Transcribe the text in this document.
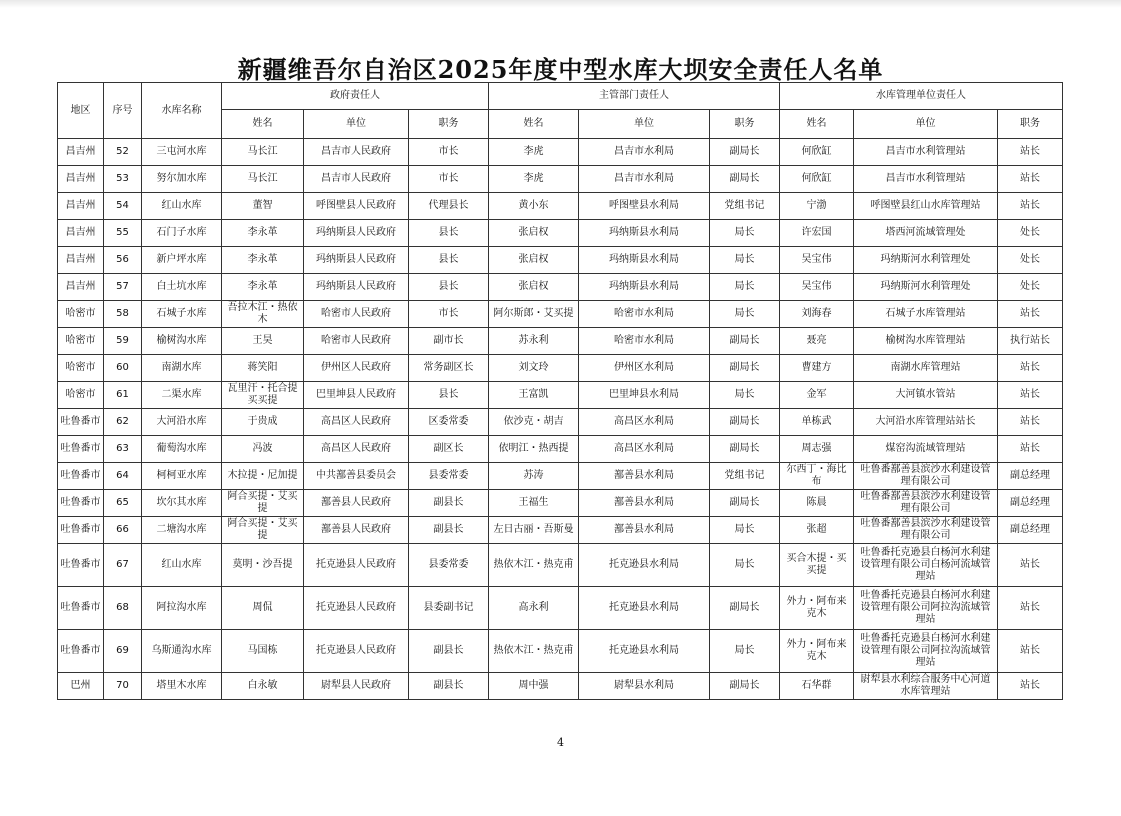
新疆维吾尔自治区2025年度中型水库大坝安全责任人名单
地区	序号	水库名称	政府责任人			主管部门责任人			水库管理单位责任人		
			姓名	单位	职务	姓名	单位	职务	姓名	单位	职务
昌吉州	52	三屯河水库	马长江	昌吉市人民政府	市长	李虎	昌吉市水利局	副局长	何欣缸	昌吉市水利管理站	站长
昌吉州	53	努尔加水库	马长江	昌吉市人民政府	市长	李虎	昌吉市水利局	副局长	何欣缸	昌吉市水利管理站	站长
昌吉州	54	红山水库	董智	呼图壁县人民政府	代理县长	黄小东	呼图壁县水利局	党组书记	宁渤	呼图壁县红山水库管理站	站长
昌吉州	55	石门子水库	李永革	玛纳斯县人民政府	县长	张启权	玛纳斯县水利局	局长	许宏国	塔西河流域管理处	处长
昌吉州	56	新户坪水库	李永革	玛纳斯县人民政府	县长	张启权	玛纳斯县水利局	局长	吴宝伟	玛纳斯河水利管理处	处长
昌吉州	57	白土坑水库	李永革	玛纳斯县人民政府	县长	张启权	玛纳斯县水利局	局长	吴宝伟	玛纳斯河水利管理处	处长
哈密市	58	石城子水库	吾拉木江・热依木	哈密市人民政府	市长	阿尔斯郎・艾买提	哈密市水利局	局长	刘海春	石城子水库管理站	站长
哈密市	59	榆树沟水库	王昊	哈密市人民政府	副市长	苏永利	哈密市水利局	副局长	聂亮	榆树沟水库管理站	执行站长
哈密市	60	南湖水库	蒋笑阳	伊州区人民政府	常务副区长	刘文玲	伊州区水利局	副局长	曹建方	南湖水库管理站	站长
哈密市	61	二渠水库	瓦里汗・托合提买买提	巴里坤县人民政府	县长	王富凯	巴里坤县水利局	局长	金军	大河镇水管站	站长
吐鲁番市	62	大河沿水库	于贵成	高昌区人民政府	区委常委	依沙克・胡吉	高昌区水利局	副局长	单栋武	大河沿水库管理站站长	站长
吐鲁番市	63	葡萄沟水库	冯波	高昌区人民政府	副区长	依明江・热西提	高昌区水利局	副局长	周志强	煤窑沟流域管理站	站长
吐鲁番市	64	柯柯亚水库	木拉提・尼加提	中共鄯善县委员会	县委常委	苏涛	鄯善县水利局	党组书记	尔西丁・海比布	吐鲁番鄯善县滨沙水利建设管理有限公司	副总经理
吐鲁番市	65	坎尔其水库	阿合买提・艾买提	鄯善县人民政府	副县长	王福生	鄯善县水利局	副局长	陈晨	吐鲁番鄯善县滨沙水利建设管理有限公司	副总经理
吐鲁番市	66	二塘沟水库	阿合买提・艾买提	鄯善县人民政府	副县长	左日古丽・吾斯曼	鄯善县水利局	局长	张超	吐鲁番鄯善县滨沙水利建设管理有限公司	副总经理
吐鲁番市	67	红山水库	莫明・沙吾提	托克逊县人民政府	县委常委	热依木江・热克甫	托克逊县水利局	局长	买合木提・买买提	吐鲁番托克逊县白杨河水利建设管理有限公司白杨河流域管理站	站长
吐鲁番市	68	阿拉沟水库	周侃	托克逊县人民政府	县委副书记	高永利	托克逊县水利局	副局长	外力・阿布来克木	吐鲁番托克逊县白杨河水利建设管理有限公司阿拉沟流域管理站	站长
吐鲁番市	69	乌斯通沟水库	马国栋	托克逊县人民政府	副县长	热依木江・热克甫	托克逊县水利局	局长	外力・阿布来克木	吐鲁番托克逊县白杨河水利建设管理有限公司阿拉沟流域管理站	站长
巴州	70	塔里木水库	白永敏	尉犁县人民政府	副县长	周中强	尉犁县水利局	副局长	石华群	尉犁县水利综合服务中心河道水库管理站	站长
4
